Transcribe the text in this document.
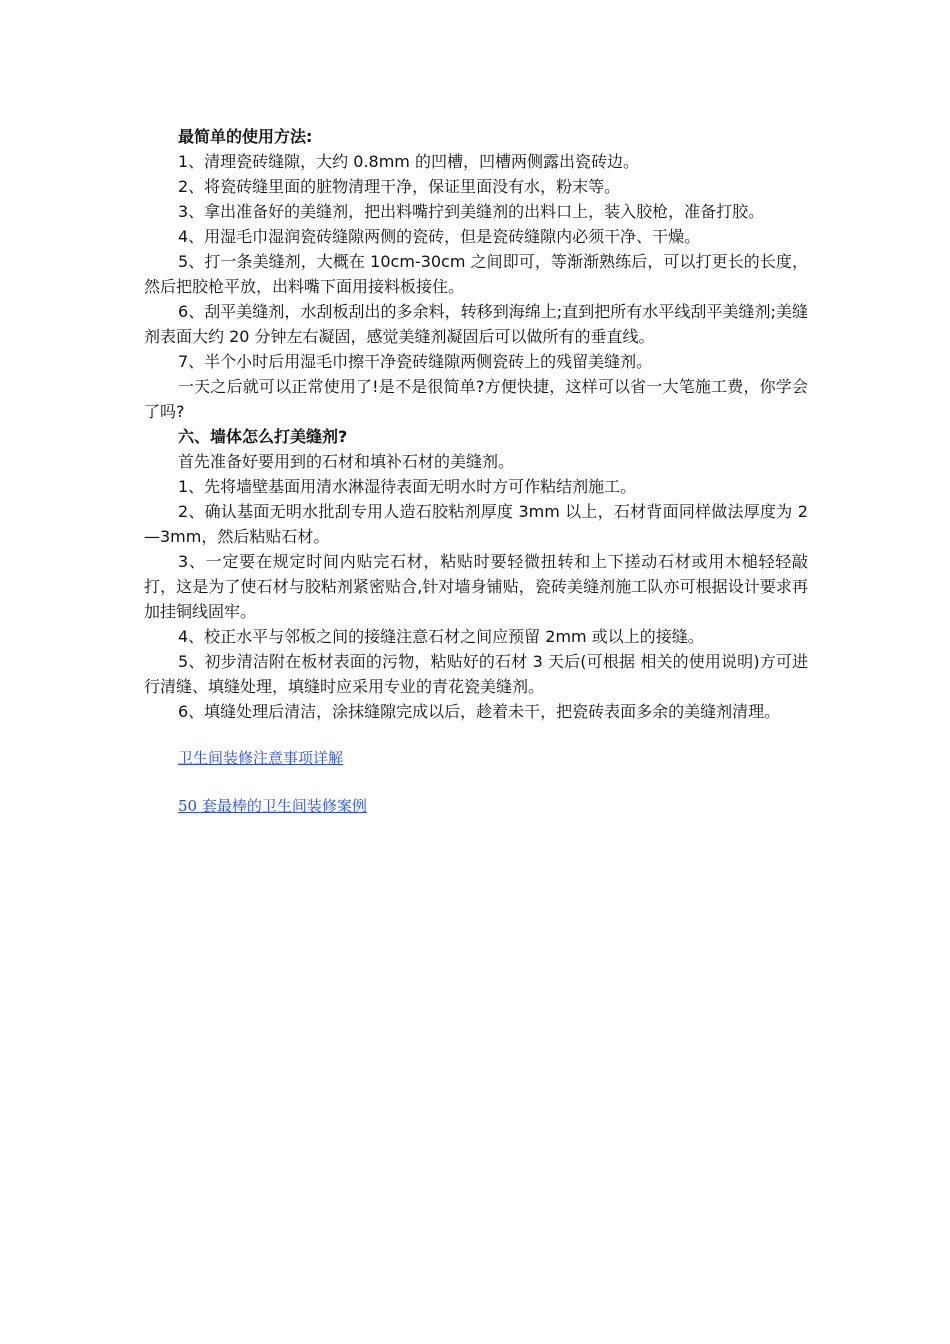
最简单的使用方法:

1、清理瓷砖缝隙，大约 0.8mm 的凹槽，凹槽两侧露出瓷砖边。

2、将瓷砖缝里面的脏物清理干净，保证里面没有水，粉末等。

3、拿出准备好的美缝剂，把出料嘴拧到美缝剂的出料口上，装入胶枪，准备打胶。

4、用湿毛巾湿润瓷砖缝隙两侧的瓷砖，但是瓷砖缝隙内必须干净、干燥。

5、打一条美缝剂，大概在 10cm-30cm 之间即可，等渐渐熟练后，可以打更长的长度，然后把胶枪平放，出料嘴下面用接料板接住。

6、刮平美缝剂，水刮板刮出的多余料，转移到海绵上;直到把所有水平线刮平美缝剂;美缝剂表面大约 20 分钟左右凝固，感觉美缝剂凝固后可以做所有的垂直线。

7、半个小时后用湿毛巾擦干净瓷砖缝隙两侧瓷砖上的残留美缝剂。

一天之后就可以正常使用了!是不是很简单?方便快捷，这样可以省一大笔施工费，你学会了吗?

六、墙体怎么打美缝剂?

首先准备好要用到的石材和填补石材的美缝剂。

1、先将墙壁基面用清水淋湿待表面无明水时方可作粘结剂施工。

2、确认基面无明水批刮专用人造石胶粘剂厚度 3mm 以上，石材背面同样做法厚度为 2—3mm，然后粘贴石材。

3、一定要在规定时间内贴完石材，粘贴时要轻微扭转和上下搓动石材或用木槌轻轻敲打，这是为了使石材与胶粘剂紧密贴合,针对墙身铺贴，瓷砖美缝剂施工队亦可根据设计要求再加挂铜线固牢。

4、校正水平与邻板之间的接缝注意石材之间应预留 2mm 或以上的接缝。

5、初步清洁附在板材表面的污物，粘贴好的石材 3 天后(可根据 相关的使用说明)方可进行清缝、填缝处理，填缝时应采用专业的青花瓷美缝剂。

6、填缝处理后清洁，涂抹缝隙完成以后，趁着未干，把瓷砖表面多余的美缝剂清理。

卫生间装修注意事项详解
50 套最棒的卫生间装修案例
